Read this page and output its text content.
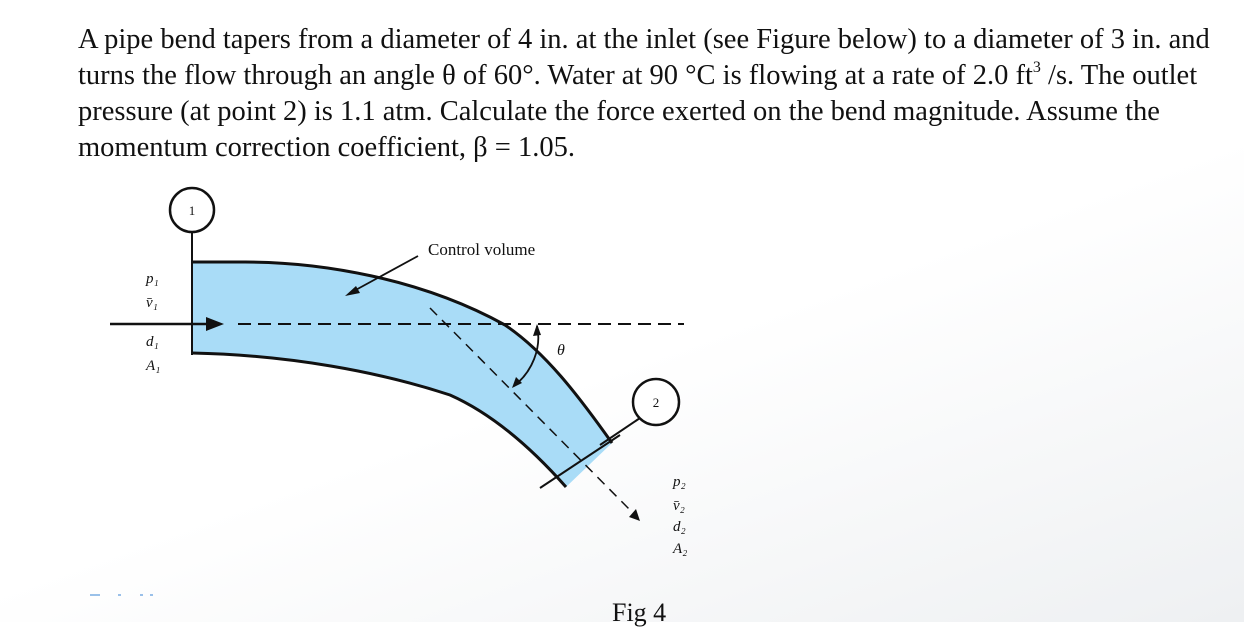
A pipe bend tapers from a diameter of 4 in. at the inlet (see Figure below) to a diameter of 3 in. and turns the flow through an angle θ of 60°. Water at 90 °C is flowing at a rate of 2.0 $ft^3$ /s. The outlet pressure (at point 2) is 1.1 atm. Calculate the force exerted on the bend magnitude. Assume the momentum correction coefficient, β = 1.05.

1
2
θ
Control volume
p₁
v̄₁
d₁
A₁
p₂
v̄₂
d₂
A₂
Fig 4
